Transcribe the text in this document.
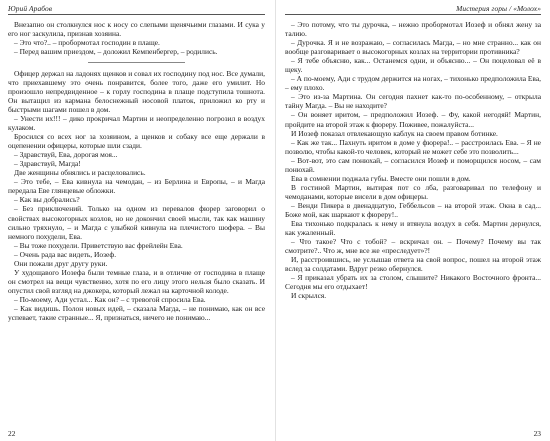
Юрий Арабов

Внезапно он столкнулся нос к носу со слепыми щенячьими глазами. И сука у его ног заскулила, признав хозяина.

– Это что?.. – пробормотал господин в плаще.

– Перед вашим приездом, – доложил Кемпенбергер, – родились.

Офицер держал на ладонях щенков и совал их господину под нос. Все думали, что приехавшему это очень понравится, более того, даже его умилит. Но произошло непредвиденное – к горлу господина в плаще подступила тошнота. Он вытащил из кармана белоснежный носовой платок, приложил ко рту и быстрыми шагами пошел в дом.

– Унести их!!! – дико прокричал Мартин и неопределенно погрозил в воздух кулаком.

Бросился со всех ног за хозяином, а щенков и собаку все еще держали в оцепенении офицеры, которые шли сзади.

– Здравствуй, Ева, дорогая моя...

– Здравствуй, Магда!

Две женщины обнялись и расцеловались.

– Это тебе, – Ева кивнула на чемодан, – из Берлина и Европы, – и Магда передала Еве глянцевые обложки.

– Как вы добрались?

– Без приключений. Только на одном из перевалов фюрер заговорил о свойствах высокогорных козлов, но не докончил своей мысли, так как машину сильно тряхнуло, – и Магда с улыбкой кивнула на плечистого шофера. – Вы немного похудели, Ева.

– Вы тоже похудели. Приветствую вас фрейлейн Ева.

– Очень рада вас видеть, Иозеф.

Они пожали друг другу руки.

У худощавого Иозефа были темные глаза, и в отличие от господина в плаще он смотрел на вещи чувственно, хотя по его лицу этого нельзя было сказать. И опустил свой взгляд на джокера, который лежал на карточной колоде.

– По-моему, Ади устал... Как он? – с тревогой спросила Ева.

– Как видишь. Полон новых идей, – сказала Магда, – не понимаю, как он все успевает, такие странные... Я, признаться, ничего не понимаю...

22
Мистерия горы / «Молох»

– Это потому, что ты дурочка, – нежно пробормотал Иозеф и обнял жену за талию.

– Дурочка. Я и не возражаю, – согласилась Магда, – но мне странно... как он вообще разговаривает о высокогорных козлах на территории противника?

– Я тебе объясню, как... Останемся одни, и объясню... – Он поцеловал её в щеку.

– А по-моему, Ади с трудом держится на ногах, – тихонько предположила Ева, – ему плохо.

– Это из-за Мартина. Он сегодня пахнет как-то по-особенному, – открыла тайну Магда. – Вы не находите?

– Он воняет иритом, – предположил Иозеф. – Фу, какой негодяй! Мартин, пройдите на второй этаж к фюреру. Поживее, пожалуйста...

И Иозеф показал отвлекающую каблук на своем правом ботинке.

– Как же так... Пахнуть иритом в доме у фюрера!.. – расстроилась Ева. – Я не позволю, чтобы какой-то человек, который не может себе это позволить...

– Вот-вот, это сам понюхай, – согласился Иозеф и поморщился носом, – сам понюхай.

Ева в сомнении поджала губы. Вместе они пошли в дом.

В гостиной Мартин, вытирая пот со лба, разговаривал по телефону и чемоданами, которые висели в дом офицеры.

– Венди Пикера в двенадцатую, Геббельсов – на второй этаж. Окна в сад... Боже мой, как шаркают к фюреру!..

Ева тихонько подкралась к нему и втянула воздух в себя. Мартин дернулся, как ужаленный.

– Что такое? Что с тобой? – вскричал он. – Почему? Почему вы так смотрите?.. Что ж, мне все же «преследует»?!

И, расстроившись, не услышав ответа на свой вопрос, пошел на второй этаж вслед за солдатами. Вдруг резко обернулся.

– Я приказал убрать их за столом, слышите? Никакого Восточного фронта... Сегодня мы его отдыхает!

И скрылся.

23
